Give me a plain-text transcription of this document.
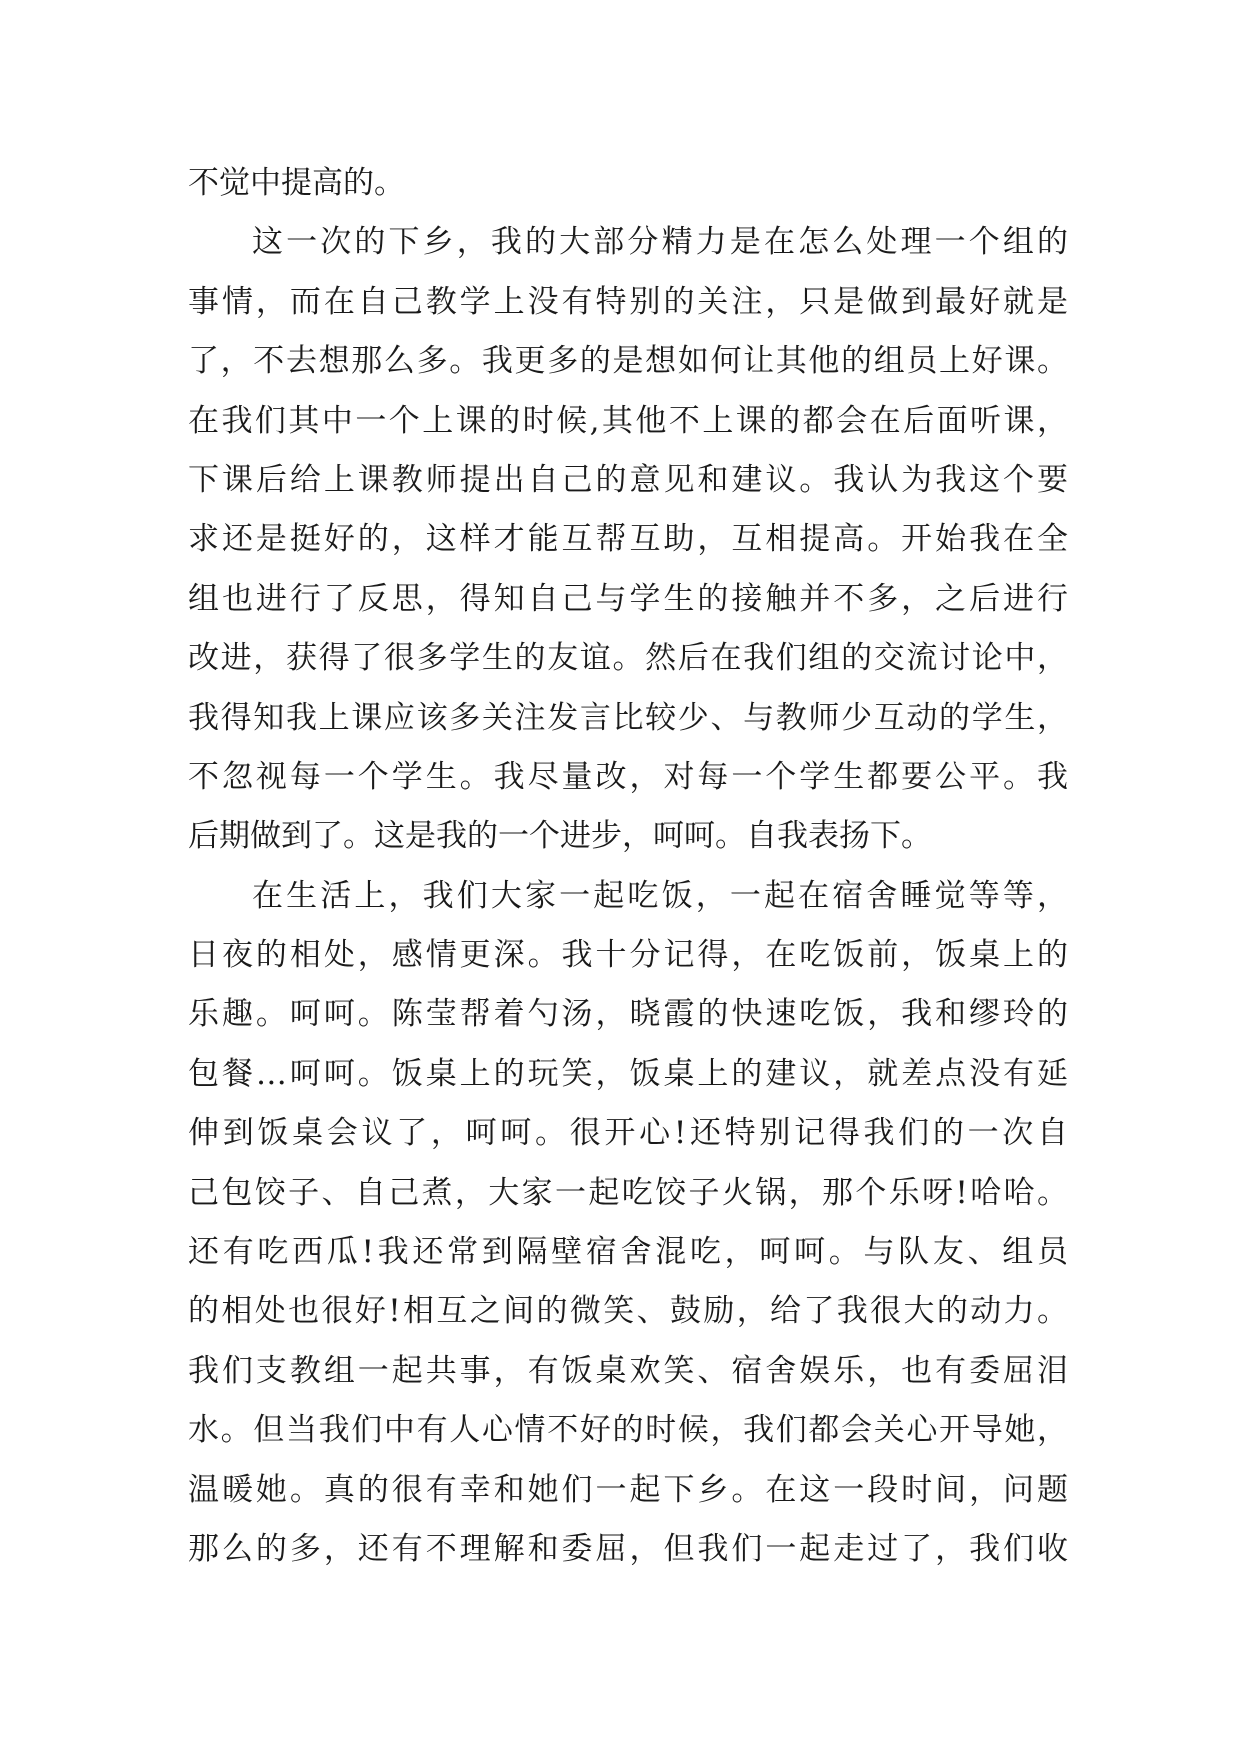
不觉中提高的。
这一次的下乡，我的大部分精力是在怎么处理一个组的
事情，而在自己教学上没有特别的关注，只是做到最好就是
了，不去想那么多。我更多的是想如何让其他的组员上好课。
在我们其中一个上课的时候,其他不上课的都会在后面听课，
下课后给上课教师提出自己的意见和建议。我认为我这个要
求还是挺好的，这样才能互帮互助，互相提高。开始我在全
组也进行了反思，得知自己与学生的接触并不多，之后进行
改进，获得了很多学生的友谊。然后在我们组的交流讨论中，
我得知我上课应该多关注发言比较少、与教师少互动的学生，
不忽视每一个学生。我尽量改，对每一个学生都要公平。我
后期做到了。这是我的一个进步，呵呵。自我表扬下。
在生活上，我们大家一起吃饭，一起在宿舍睡觉等等，
日夜的相处，感情更深。我十分记得，在吃饭前，饭桌上的
乐趣。呵呵。陈莹帮着勺汤，晓霞的快速吃饭，我和缪玲的
包餐…呵呵。饭桌上的玩笑，饭桌上的建议，就差点没有延
伸到饭桌会议了，呵呵。很开心!还特别记得我们的一次自
己包饺子、自己煮，大家一起吃饺子火锅，那个乐呀!哈哈。
还有吃西瓜!我还常到隔壁宿舍混吃，呵呵。与队友、组员
的相处也很好!相互之间的微笑、鼓励，给了我很大的动力。
我们支教组一起共事，有饭桌欢笑、宿舍娱乐，也有委屈泪
水。但当我们中有人心情不好的时候，我们都会关心开导她，
温暖她。真的很有幸和她们一起下乡。在这一段时间，问题
那么的多，还有不理解和委屈，但我们一起走过了，我们收
